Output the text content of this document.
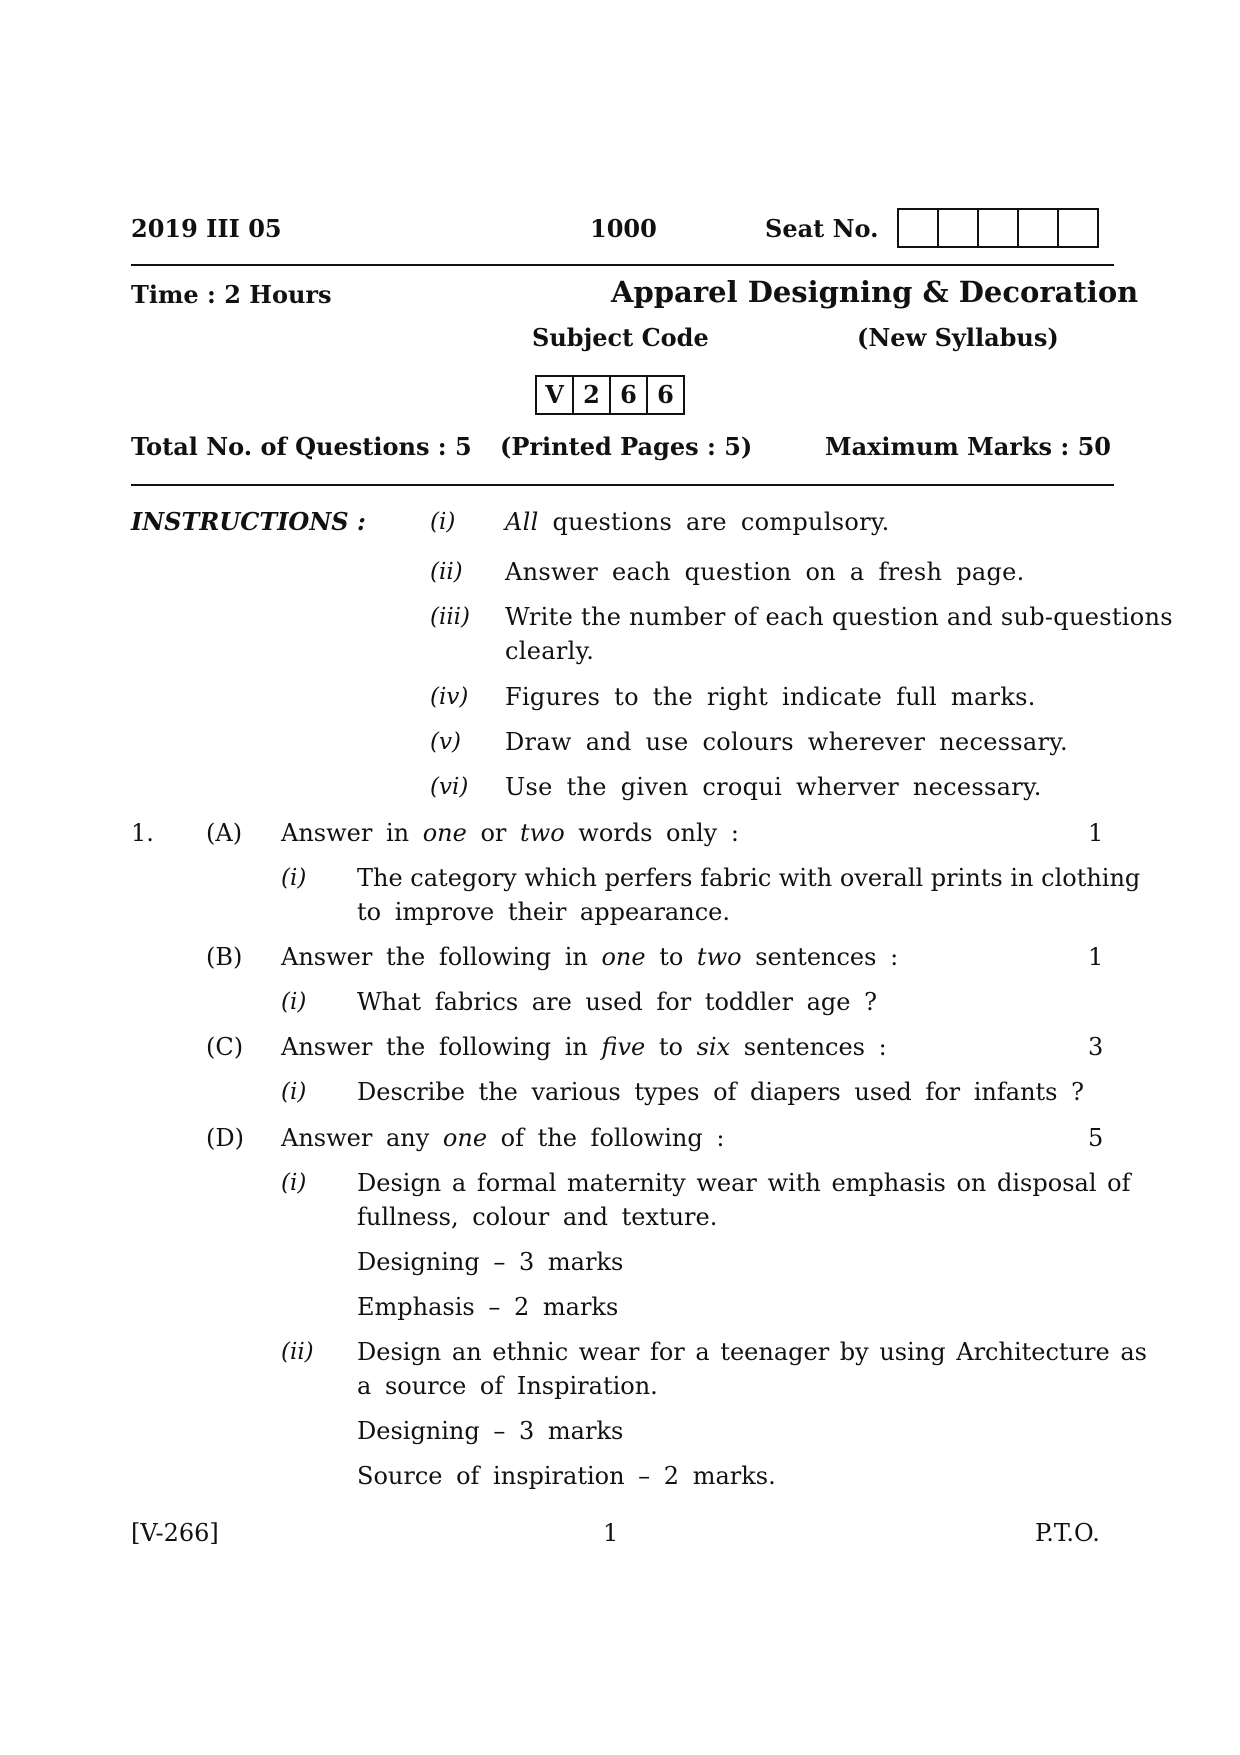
2019 III 05	1000	Seat No.
Time : 2 Hours	Apparel Designing & Decoration
Subject Code	(New Syllabus)
V 2 6 6
Total No. of Questions : 5 (Printed Pages : 5)	Maximum Marks : 50
INSTRUCTIONS :	(i) All questions are compulsory.
(ii) Answer each question on a fresh page.
(iii) Write the number of each question and sub-questions
clearly.
(iv) Figures to the right indicate full marks.
(v) Draw and use colours wherever necessary.
(vi) Use the given croqui wherver necessary.
1. (A) Answer in one or two words only :	1
(i) The category which perfers fabric with overall prints in clothing
to improve their appearance.
(B) Answer the following in one to two sentences :	1
(i) What fabrics are used for toddler age ?
(C) Answer the following in five to six sentences :	3
(i) Describe the various types of diapers used for infants ?
(D) Answer any one of the following :	5
(i) Design a formal maternity wear with emphasis on disposal of
fullness, colour and texture.
Designing – 3 marks
Emphasis – 2 marks
(ii) Design an ethnic wear for a teenager by using Architecture as
a source of Inspiration.
Designing – 3 marks
Source of inspiration – 2 marks.
[V-266]	1	P.T.O.
